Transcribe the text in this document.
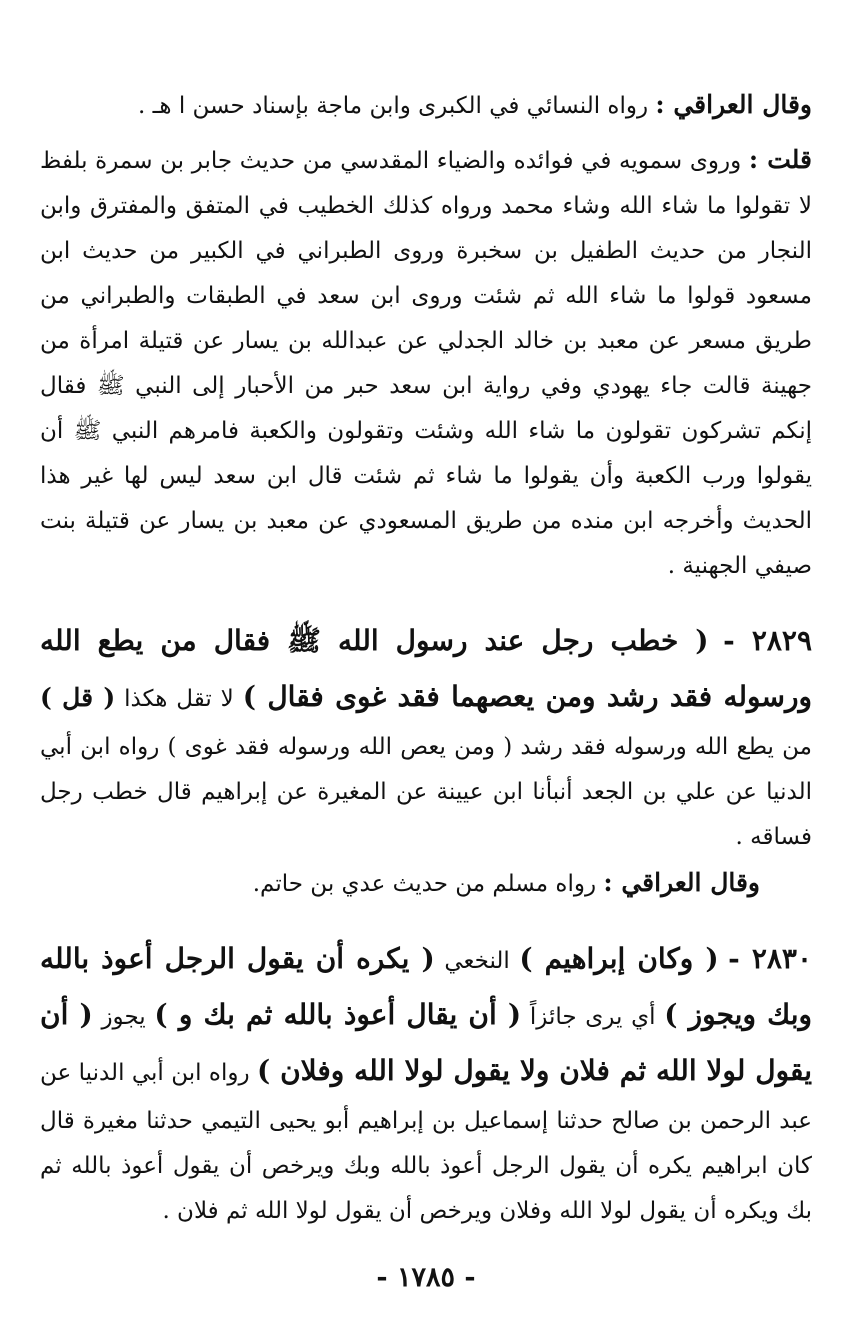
وقال العراقي : رواه النسائي في الكبرى وابن ماجة بإسناد حسن ا هـ .

قلت : وروى سمويه في فوائده والضياء المقدسي من حديث جابر بن سمرة بلفظ لا تقولوا ما شاء الله وشاء محمد ورواه كذلك الخطيب في المتفق والمفترق وابن النجار من حديث الطفيل بن سخبرة وروى الطبراني في الكبير من حديث ابن مسعود قولوا ما شاء الله ثم شئت وروى ابن سعد في الطبقات والطبراني من طريق مسعر عن معبد بن خالد الجدلي عن عبدالله بن يسار عن قتيلة امرأة من جهينة قالت جاء يهودي وفي رواية ابن سعد حبر من الأحبار إلى النبي ﷺ فقال إنكم تشركون تقولون ما شاء الله وشئت وتقولون والكعبة فامرهم النبي ﷺ أن يقولوا ورب الكعبة وأن يقولوا ما شاء ثم شئت قال ابن سعد ليس لها غير هذا الحديث وأخرجه ابن منده من طريق المسعودي عن معبد بن يسار عن قتيلة بنت صيفي الجهنية .

٢٨٢٩ - ( خطب رجل عند رسول الله ﷺ فقال من يطع الله ورسوله فقد رشد ومن يعصهما فقد غوى فقال ) لا تقل هكذا ( قل ) من يطع الله ورسوله فقد رشد ( ومن يعص الله ورسوله فقد غوى ) رواه ابن أبي الدنيا عن علي بن الجعد أنبأنا ابن عيينة عن المغيرة عن إبراهيم قال خطب رجل فساقه .

وقال العراقي : رواه مسلم من حديث عدي بن حاتم.

٢٨٣٠ - ( وكان إبراهيم ) النخعي ( يكره أن يقول الرجل أعوذ بالله وبك ويجوز ) أي يرى جائزاً ( أن يقال أعوذ بالله ثم بك و ) يجوز ( أن يقول لولا الله ثم فلان ولا يقول لولا الله وفلان ) رواه ابن أبي الدنيا عن عبد الرحمن بن صالح حدثنا إسماعيل بن إبراهيم أبو يحيى التيمي حدثنا مغيرة قال كان ابراهيم يكره أن يقول الرجل أعوذ بالله وبك ويرخص أن يقول أعوذ بالله ثم بك ويكره أن يقول لولا الله وفلان ويرخص أن يقول لولا الله ثم فلان .

- ١٧٨٥ -
